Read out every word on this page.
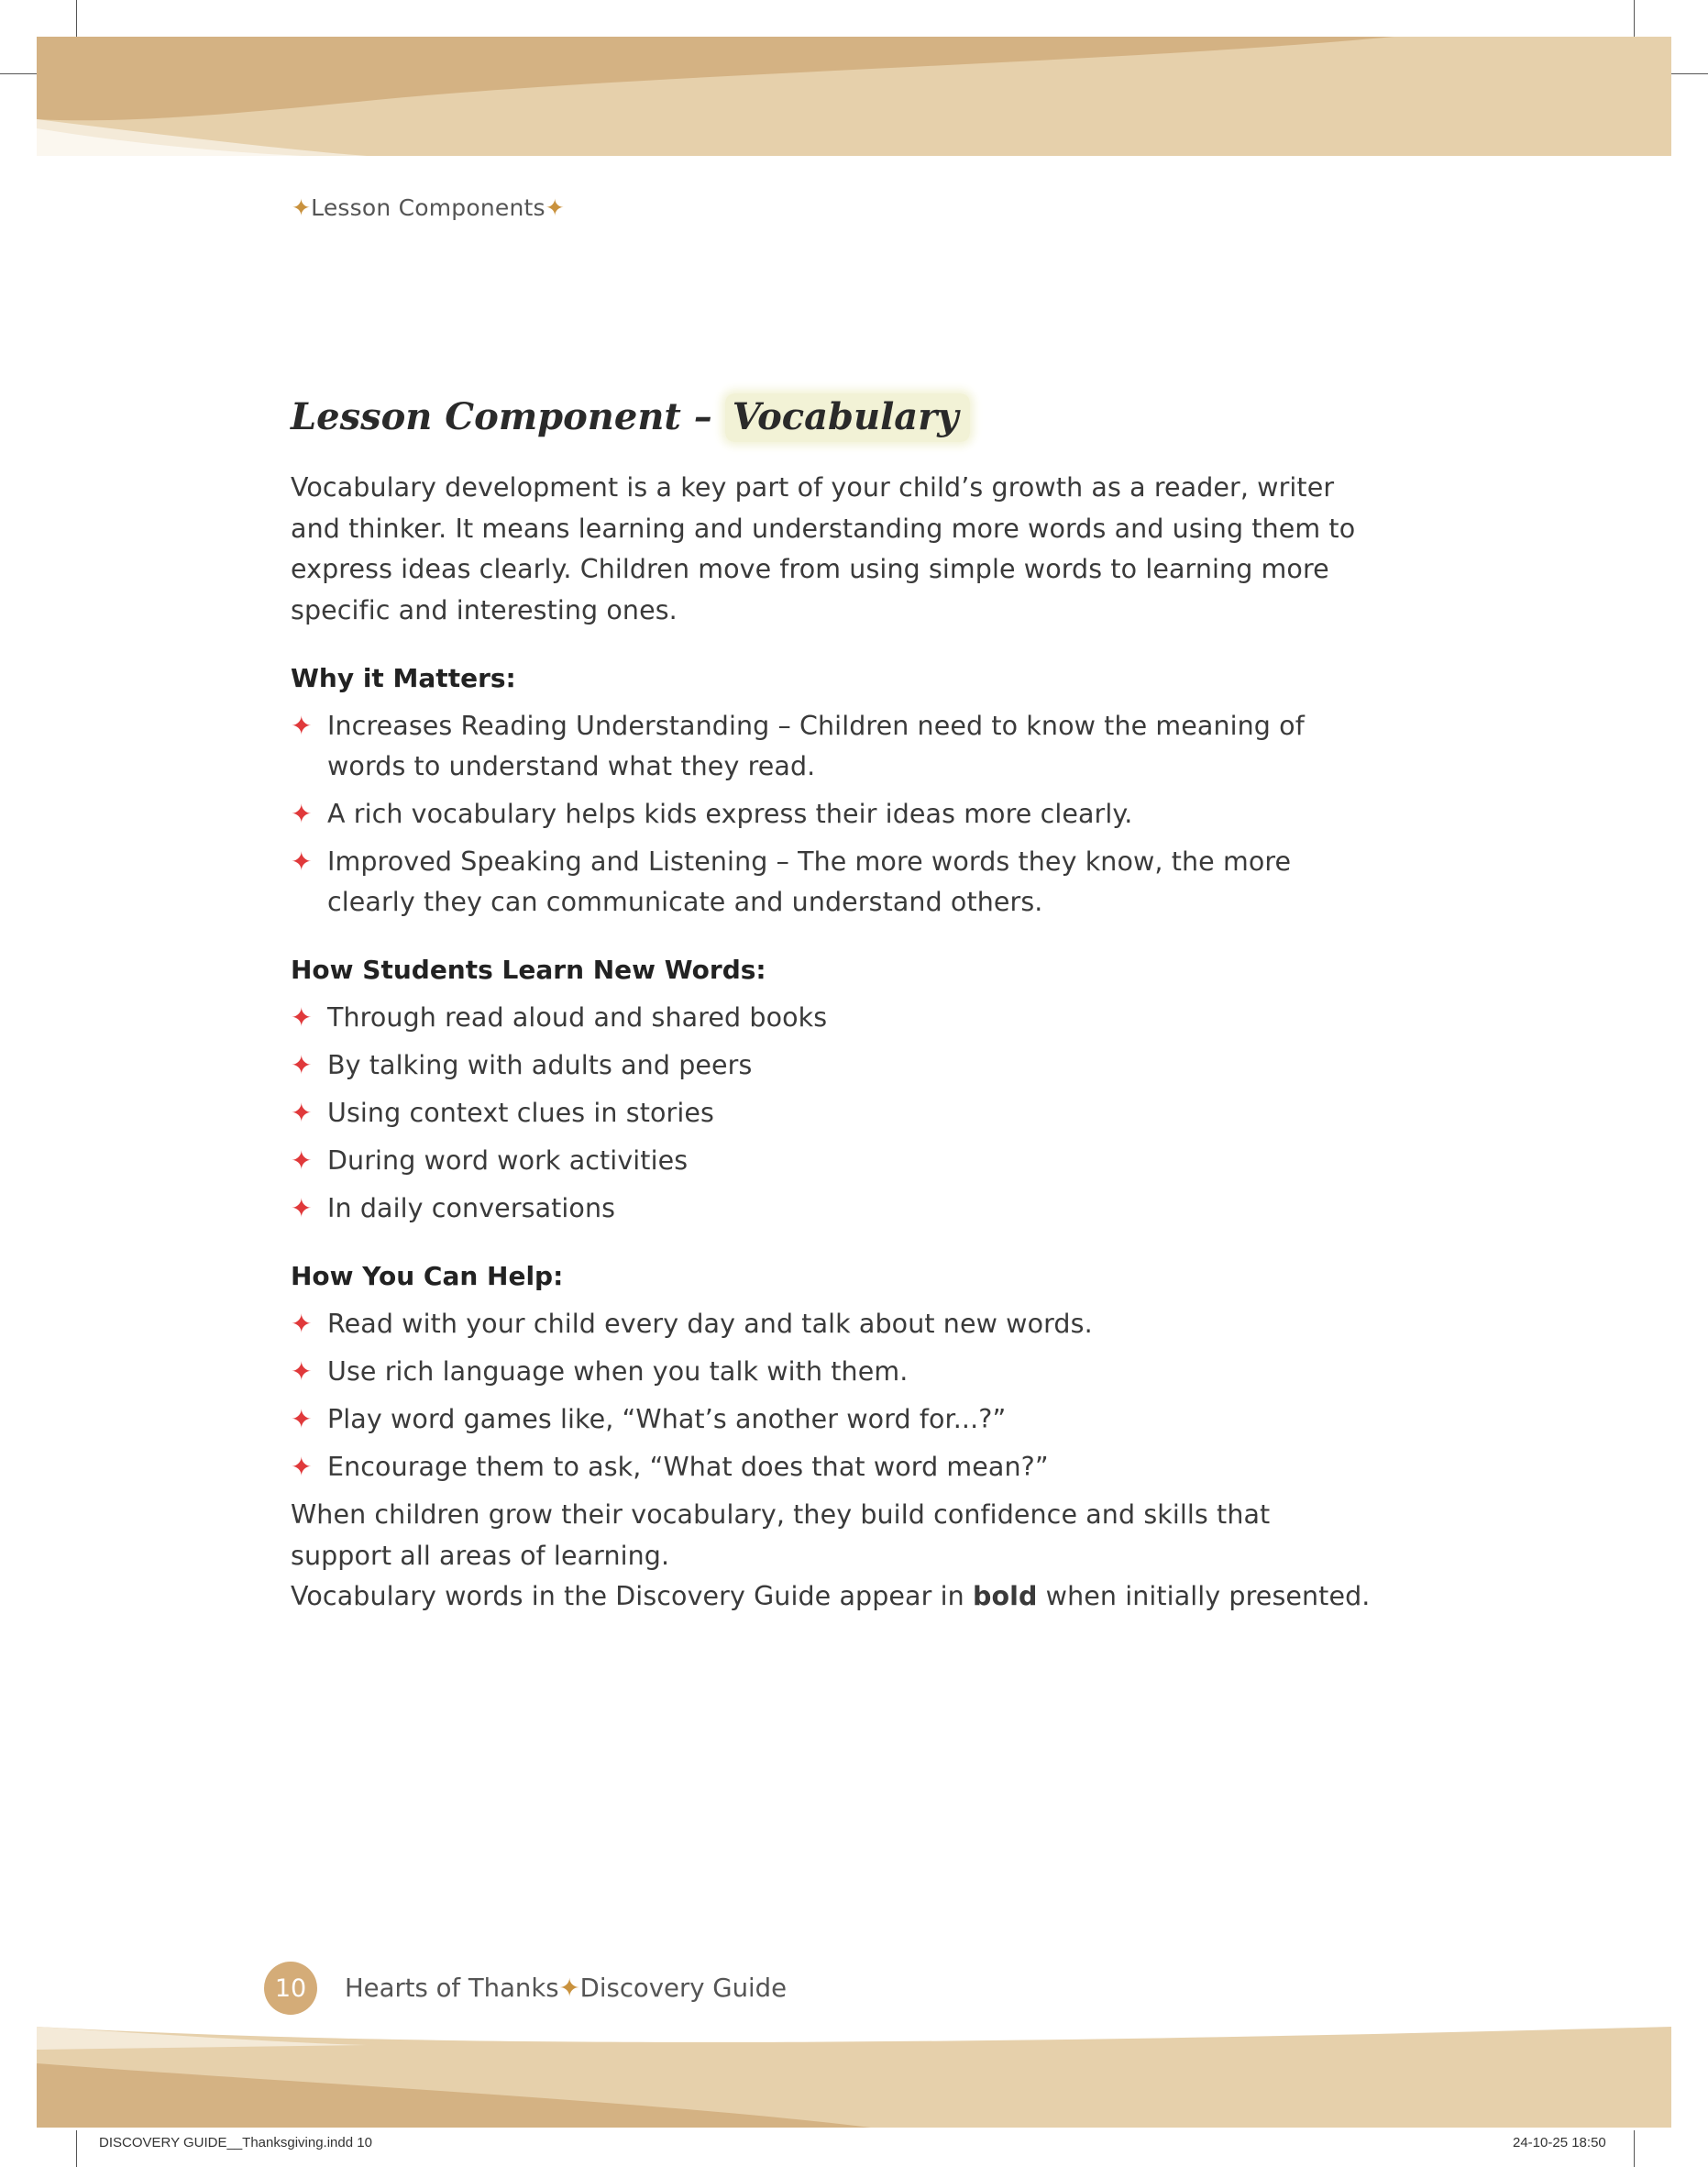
✦Lesson Components✦
Lesson Component – Vocabulary

Vocabulary development is a key part of your child’s growth as a reader, writer and thinker. It means learning and understanding more words and using them to express ideas clearly. Children move from using simple words to learning more specific and interesting ones.

Why it Matters:
✦ Increases Reading Understanding – Children need to know the meaning of words to understand what they read.
✦ A rich vocabulary helps kids express their ideas more clearly.
✦ Improved Speaking and Listening – The more words they know, the more clearly they can communicate and understand others.
How Students Learn New Words:
✦ Through read aloud and shared books
✦ By talking with adults and peers
✦ Using context clues in stories
✦ During word work activities
✦ In daily conversations
How You Can Help:
✦ Read with your child every day and talk about new words.
✦ Use rich language when you talk with them.
✦ Play word games like, “What’s another word for...?”
✦ Encourage them to ask, “What does that word mean?”

When children grow their vocabulary, they build confidence and skills that support all areas of learning.

Vocabulary words in the Discovery Guide appear in bold when initially presented.

10	Hearts of Thanks✦Discovery Guide
DISCOVERY GUIDE__Thanksgiving.indd 10	24-10-25 18:50
